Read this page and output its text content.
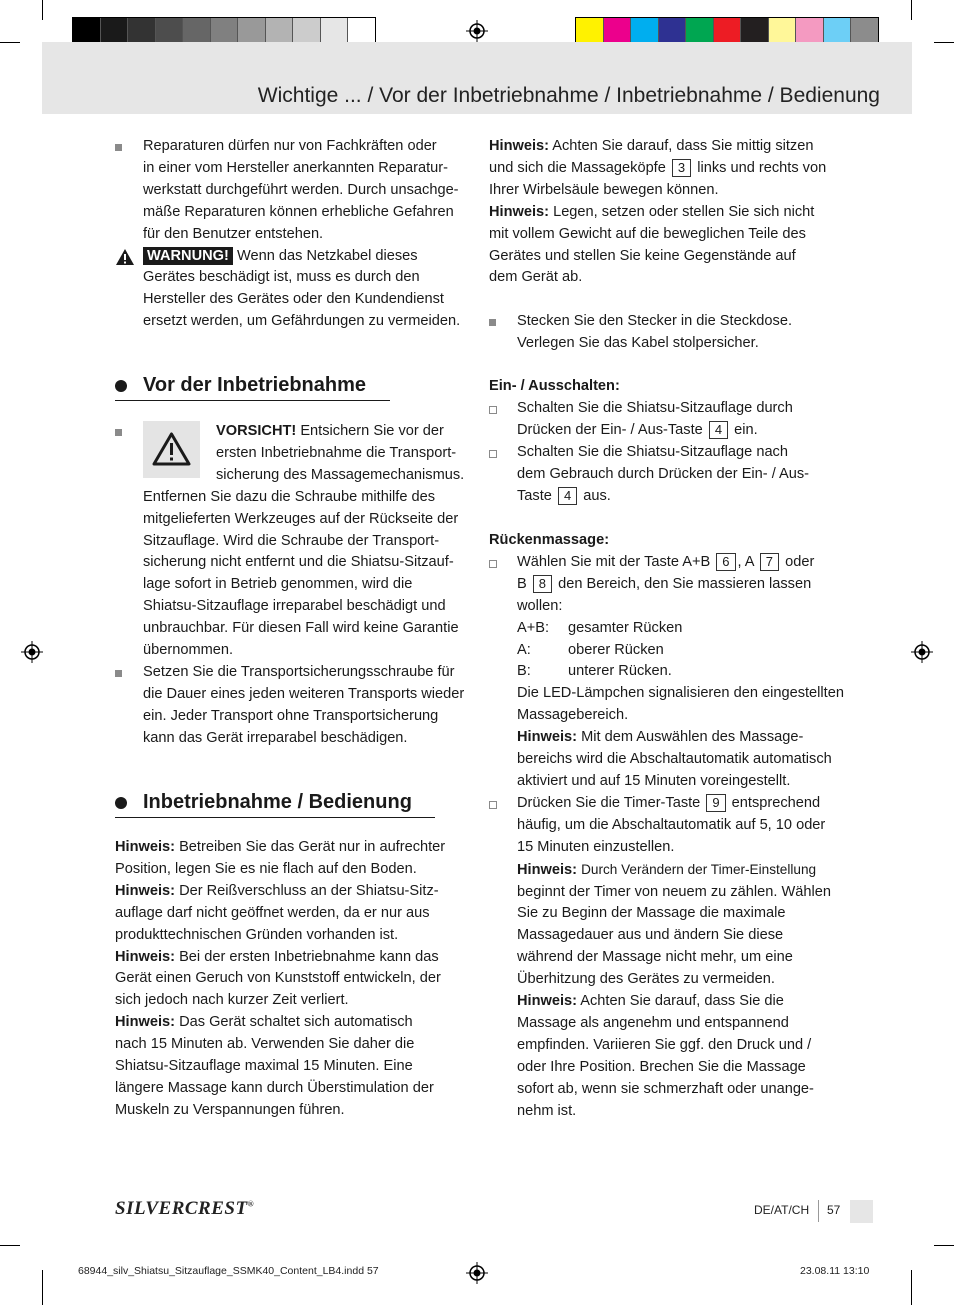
Wichtige ... / Vor der Inbetriebnahme / Inbetriebnahme / Bedienung

Reparaturen dürfen nur von Fachkräften oder

in einer vom Hersteller anerkannten Reparatur-

werkstatt durchgeführt werden. Durch unsachge-

mäße Reparaturen können erhebliche Gefahren

für den Benutzer entstehen.

WARNUNG! Wenn das Netzkabel dieses

Gerätes beschädigt ist, muss es durch den

Hersteller des Gerätes oder den Kundendienst

ersetzt werden, um Gefährdungen zu vermeiden.

Vor der Inbetriebnahme

VORSICHT! Entsichern Sie vor der

ersten Inbetriebnahme die Transport-

sicherung des Massagemechanismus.

Entfernen Sie dazu die Schraube mithilfe des

mitgelieferten Werkzeuges auf der Rückseite der

Sitzauflage. Wird die Schraube der Transport-

sicherung nicht entfernt und die Shiatsu-Sitzauf-

lage sofort in Betrieb genommen, wird die

Shiatsu-Sitzauflage irreparabel beschädigt und

unbrauchbar. Für diesen Fall wird keine Garantie

übernommen.

Setzen Sie die Transportsicherungsschraube für

die Dauer eines jeden weiteren Transports wieder

ein. Jeder Transport ohne Transportsicherung

kann das Gerät irreparabel beschädigen.

Inbetriebnahme / Bedienung

Hinweis: Betreiben Sie das Gerät nur in aufrechter

Position, legen Sie es nie flach auf den Boden.

Hinweis: Der Reißverschluss an der Shiatsu-Sitz-

auflage darf nicht geöffnet werden, da er nur aus

produkttechnischen Gründen vorhanden ist.

Hinweis: Bei der ersten Inbetriebnahme kann das

Gerät einen Geruch von Kunststoff entwickeln, der

sich jedoch nach kurzer Zeit verliert.

Hinweis: Das Gerät schaltet sich automatisch

nach 15 Minuten ab. Verwenden Sie daher die

Shiatsu-Sitzauflage maximal 15 Minuten. Eine

längere Massage kann durch Überstimulation der

Muskeln zu Verspannungen führen.

Hinweis: Achten Sie darauf, dass Sie mittig sitzen

und sich die Massageköpfe 3 links und rechts von

Ihrer Wirbelsäule bewegen können.

Hinweis: Legen, setzen oder stellen Sie sich nicht

mit vollem Gewicht auf die beweglichen Teile des

Gerätes und stellen Sie keine Gegenstände auf

dem Gerät ab.

Stecken Sie den Stecker in die Steckdose.

Verlegen Sie das Kabel stolpersicher.

Ein- / Ausschalten:

Schalten Sie die Shiatsu-Sitzauflage durch

Drücken der Ein- / Aus-Taste 4 ein.

Schalten Sie die Shiatsu-Sitzauflage nach

dem Gebrauch durch Drücken der Ein- / Aus-

Taste 4 aus.

Rückenmassage:

Wählen Sie mit der Taste A+B 6 , A 7 oder

B 8 den Bereich, den Sie massieren lassen

wollen:

A+B:	gesamter Rücken
A:	oberer Rücken
B:	unterer Rücken.

Die LED-Lämpchen signalisieren den eingestellten

Massagebereich.

Hinweis: Mit dem Auswählen des Massage-

bereichs wird die Abschaltautomatik automatisch

aktiviert und auf 15 Minuten voreingestellt.

Drücken Sie die Timer-Taste 9 entsprechend

häufig, um die Abschaltautomatik auf 5, 10 oder

15 Minuten einzustellen.

Hinweis: Durch Verändern der Timer-Einstellung

beginnt der Timer von neuem zu zählen. Wählen

Sie zu Beginn der Massage die maximale

Massagedauer aus und ändern Sie diese

während der Massage nicht mehr, um eine

Überhitzung des Gerätes zu vermeiden.

Hinweis: Achten Sie darauf, dass Sie die

Massage als angenehm und entspannend

empfinden. Variieren Sie ggf. den Druck und /

oder Ihre Position. Brechen Sie die Massage

sofort ab, wenn sie schmerzhaft oder unange-

nehm ist.

SILVERCREST®	DE/AT/CH 57
68944_silv_Shiatsu_Sitzauflage_SSMK40_Content_LB4.indd 57	23.08.11 13:10
